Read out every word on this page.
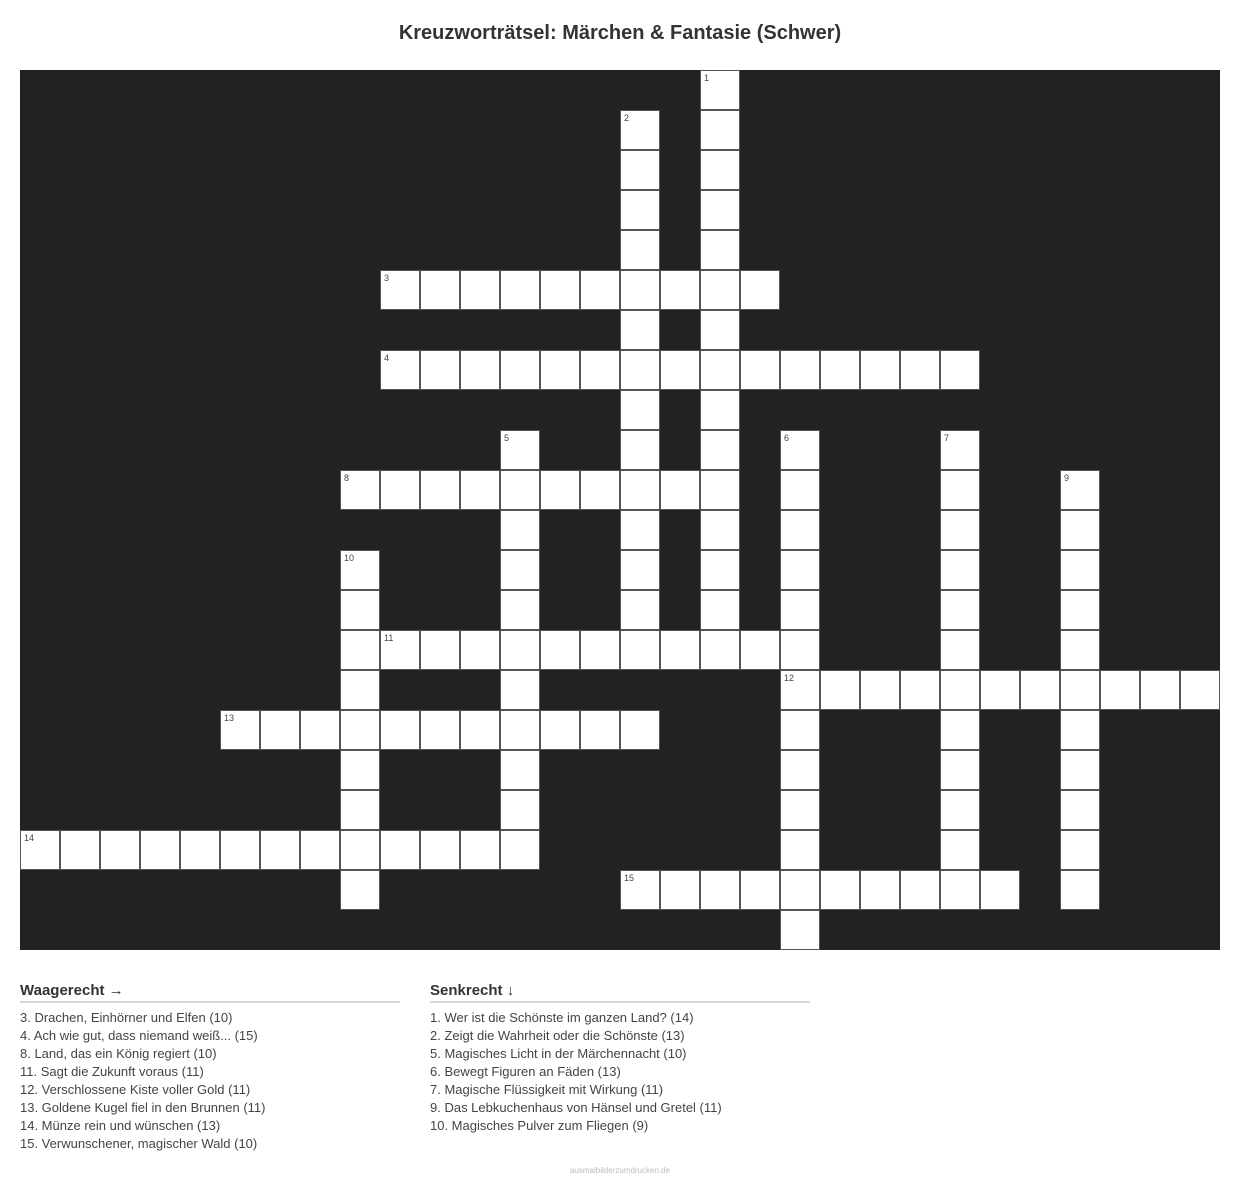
Kreuzworträtsel: Märchen & Fantasie (Schwer)
1
2
3
4
5	6
12
7
8	9
10
11
13
14
15
Waagerecht →
3. Drachen, Einhörner und Elfen (10)
4. Ach wie gut, dass niemand weiß... (15)
8. Land, das ein König regiert (10)
11. Sagt die Zukunft voraus (11)
12. Verschlossene Kiste voller Gold (11)
13. Goldene Kugel fiel in den Brunnen (11)
14. Münze rein und wünschen (13)
15. Verwunschener, magischer Wald (10)
Senkrecht ↓
1. Wer ist die Schönste im ganzen Land? (14)
2. Zeigt die Wahrheit oder die Schönste (13)
5. Magisches Licht in der Märchennacht (10)
6. Bewegt Figuren an Fäden (13)
7. Magische Flüssigkeit mit Wirkung (11)
9. Das Lebkuchenhaus von Hänsel und Gretel (11)
10. Magisches Pulver zum Fliegen (9)
ausmalbilderzumdrucken.de
